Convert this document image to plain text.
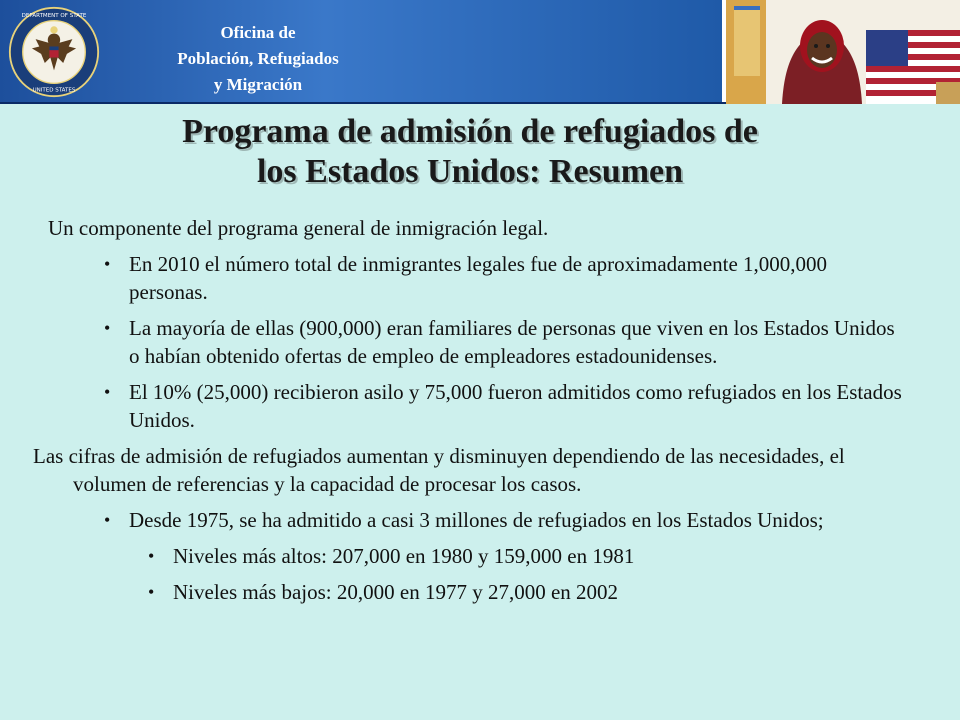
DEPARTMENT OF STATE
UNITED STATES
Oficina de
Población, Refugiados
y Migración
Programa de admisión de refugiados de
los Estados Unidos: Resumen
Un componente del programa general de inmigración legal.
• En 2010 el número total de inmigrantes legales fue de aproximadamente 1,000,000 personas.
• La mayoría de ellas (900,000) eran familiares de personas que viven en los Estados Unidos o habían obtenido ofertas de empleo de empleadores estadounidenses.
• El 10% (25,000) recibieron asilo y 75,000 fueron admitidos como refugiados en los Estados Unidos.
Las cifras de admisión de refugiados aumentan y disminuyen dependiendo de las necesidades, el volumen de referencias y la capacidad de procesar los casos.
• Desde 1975, se ha admitido a casi 3 millones de refugiados en los Estados Unidos;
• Niveles más altos: 207,000 en 1980 y 159,000 en 1981
• Niveles más bajos: 20,000 en 1977 y 27,000 en 2002
